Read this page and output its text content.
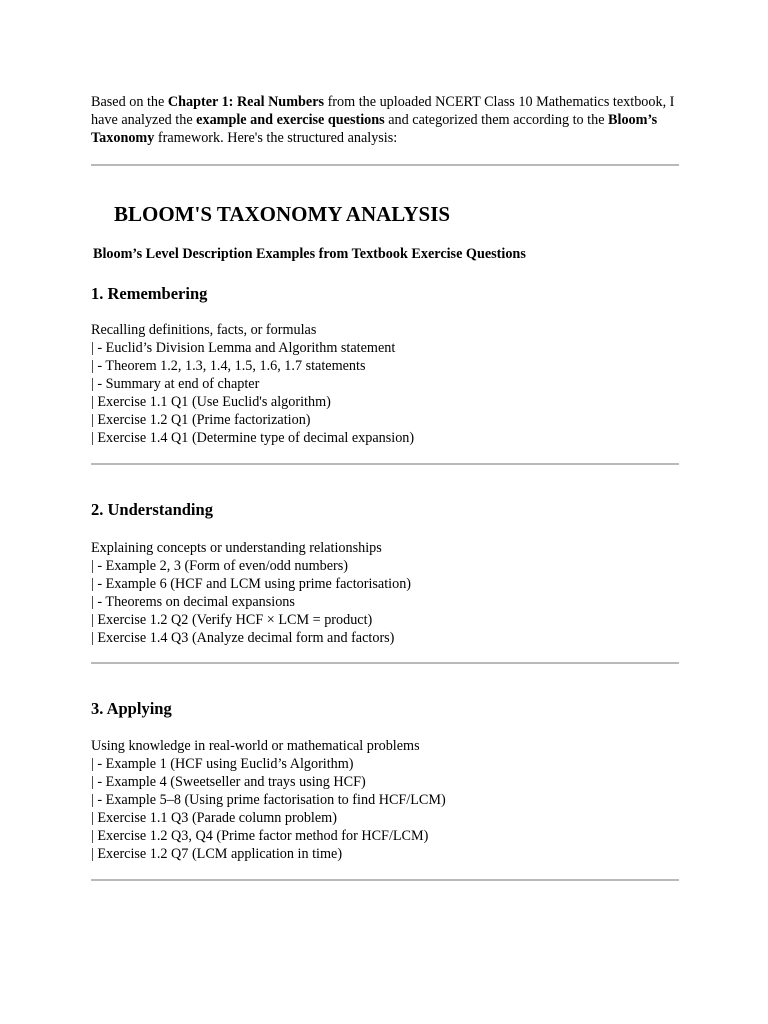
Based on the Chapter 1: Real Numbers from the uploaded NCERT Class 10 Mathematics textbook, I have analyzed the example and exercise questions and categorized them according to the Bloom’s Taxonomy framework. Here's the structured analysis:
BLOOM'S TAXONOMY ANALYSIS
Bloom’s Level Description Examples from Textbook Exercise Questions
1. Remembering
Recalling definitions, facts, or formulas
| - Euclid’s Division Lemma and Algorithm statement
| - Theorem 1.2, 1.3, 1.4, 1.5, 1.6, 1.7 statements
| - Summary at end of chapter
| Exercise 1.1 Q1 (Use Euclid's algorithm)
| Exercise 1.2 Q1 (Prime factorization)
| Exercise 1.4 Q1 (Determine type of decimal expansion)
2. Understanding
Explaining concepts or understanding relationships
| - Example 2, 3 (Form of even/odd numbers)
| - Example 6 (HCF and LCM using prime factorisation)
| - Theorems on decimal expansions
| Exercise 1.2 Q2 (Verify HCF × LCM = product)
| Exercise 1.4 Q3 (Analyze decimal form and factors)
3. Applying
Using knowledge in real-world or mathematical problems
| - Example 1 (HCF using Euclid’s Algorithm)
| - Example 4 (Sweetseller and trays using HCF)
| - Example 5–8 (Using prime factorisation to find HCF/LCM)
| Exercise 1.1 Q3 (Parade column problem)
| Exercise 1.2 Q3, Q4 (Prime factor method for HCF/LCM)
| Exercise 1.2 Q7 (LCM application in time)
